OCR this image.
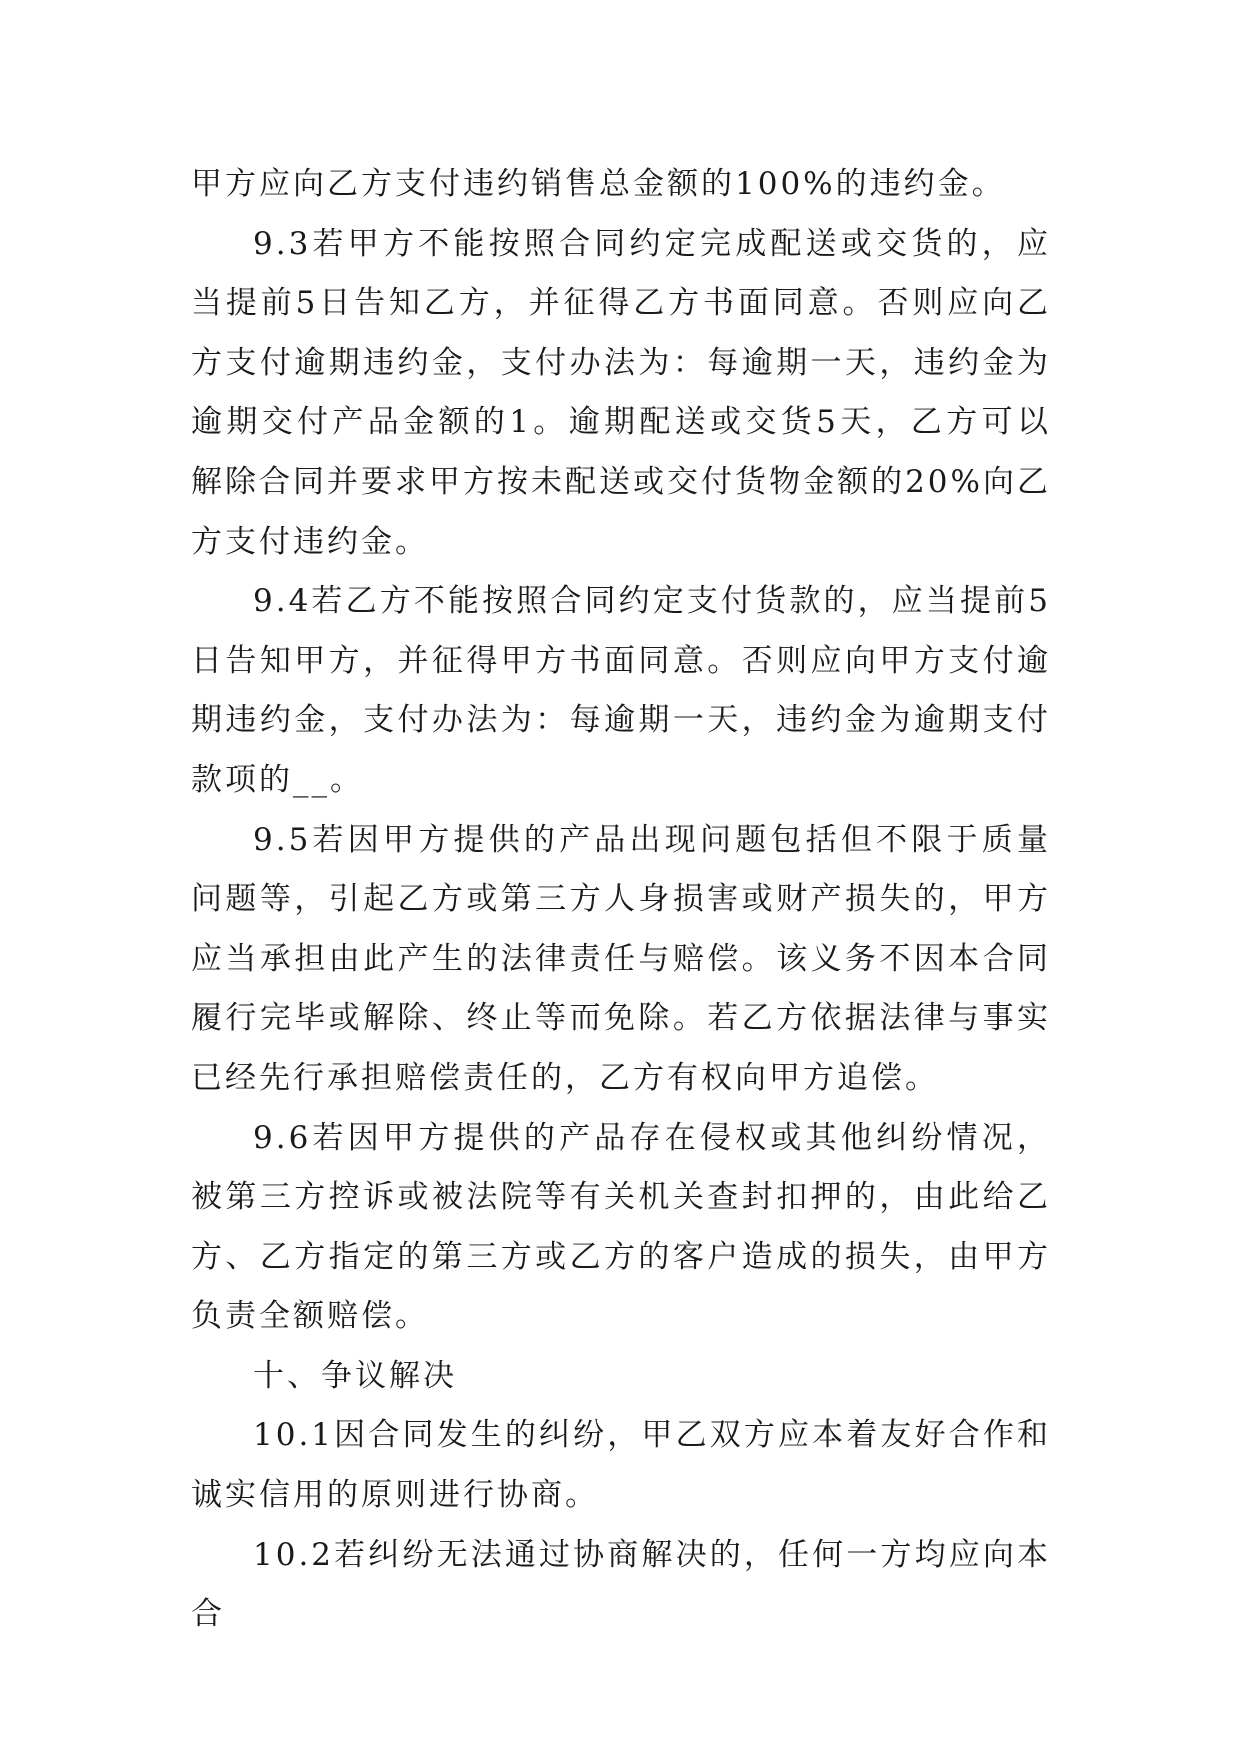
甲方应向乙方支付违约销售总金额的100%的违约金。

9.3若甲方不能按照合同约定完成配送或交货的，应当提前5日告知乙方，并征得乙方书面同意。否则应向乙方支付逾期违约金，支付办法为：每逾期一天，违约金为逾期交付产品金额的1。逾期配送或交货5天，乙方可以解除合同并要求甲方按未配送或交付货物金额的20%向乙方支付违约金。

9.4若乙方不能按照合同约定支付货款的，应当提前5日告知甲方，并征得甲方书面同意。否则应向甲方支付逾期违约金，支付办法为：每逾期一天，违约金为逾期支付款项的__。

9.5若因甲方提供的产品出现问题包括但不限于质量问题等，引起乙方或第三方人身损害或财产损失的，甲方应当承担由此产生的法律责任与赔偿。该义务不因本合同履行完毕或解除、终止等而免除。若乙方依据法律与事实已经先行承担赔偿责任的，乙方有权向甲方追偿。

9.6若因甲方提供的产品存在侵权或其他纠纷情况，被第三方控诉或被法院等有关机关查封扣押的，由此给乙方、乙方指定的第三方或乙方的客户造成的损失，由甲方负责全额赔偿。

十、争议解决

10.1因合同发生的纠纷，甲乙双方应本着友好合作和诚实信用的原则进行协商。

10.2若纠纷无法通过协商解决的，任何一方均应向本合
